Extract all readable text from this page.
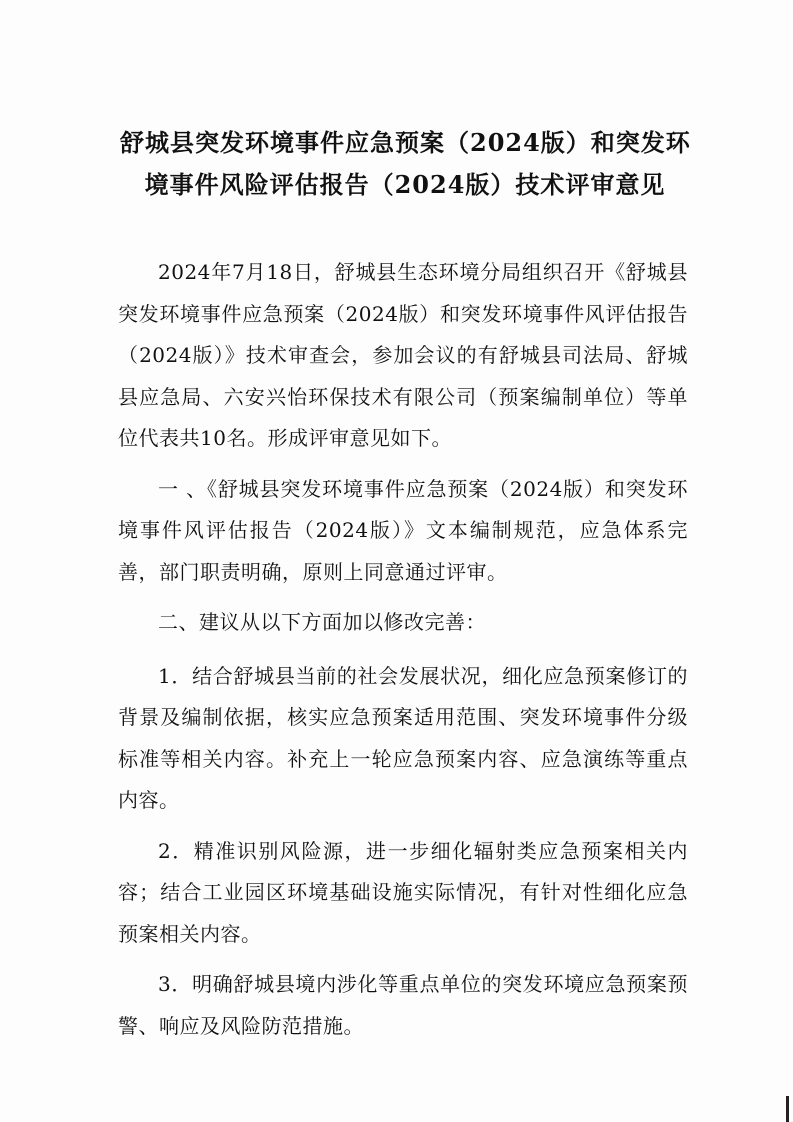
舒城县突发环境事件应急预案（2024版）和突发环
境事件风险评估报告（2024版）技术评审意见

2024年7月18日，舒城县生态环境分局组织召开《舒城县突发环境事件应急预案（2024版）和突发环境事件风评估报告（2024版）》技术审查会，参加会议的有舒城县司法局、舒城县应急局、六安兴怡环保技术有限公司（预案编制单位）等单位代表共10名。形成评审意见如下。

一 、《舒城县突发环境事件应急预案（2024版）和突发环境事件风评估报告（2024版）》文本编制规范，应急体系完善，部门职责明确，原则上同意通过评审。

二、建议从以下方面加以修改完善：

1．结合舒城县当前的社会发展状况，细化应急预案修订的背景及编制依据，核实应急预案适用范围、突发环境事件分级标准等相关内容。补充上一轮应急预案内容、应急演练等重点内容。

2．精准识别风险源，进一步细化辐射类应急预案相关内容；结合工业园区环境基础设施实际情况，有针对性细化应急预案相关内容。

3．明确舒城县境内涉化等重点单位的突发环境应急预案预警、响应及风险防范措施。
